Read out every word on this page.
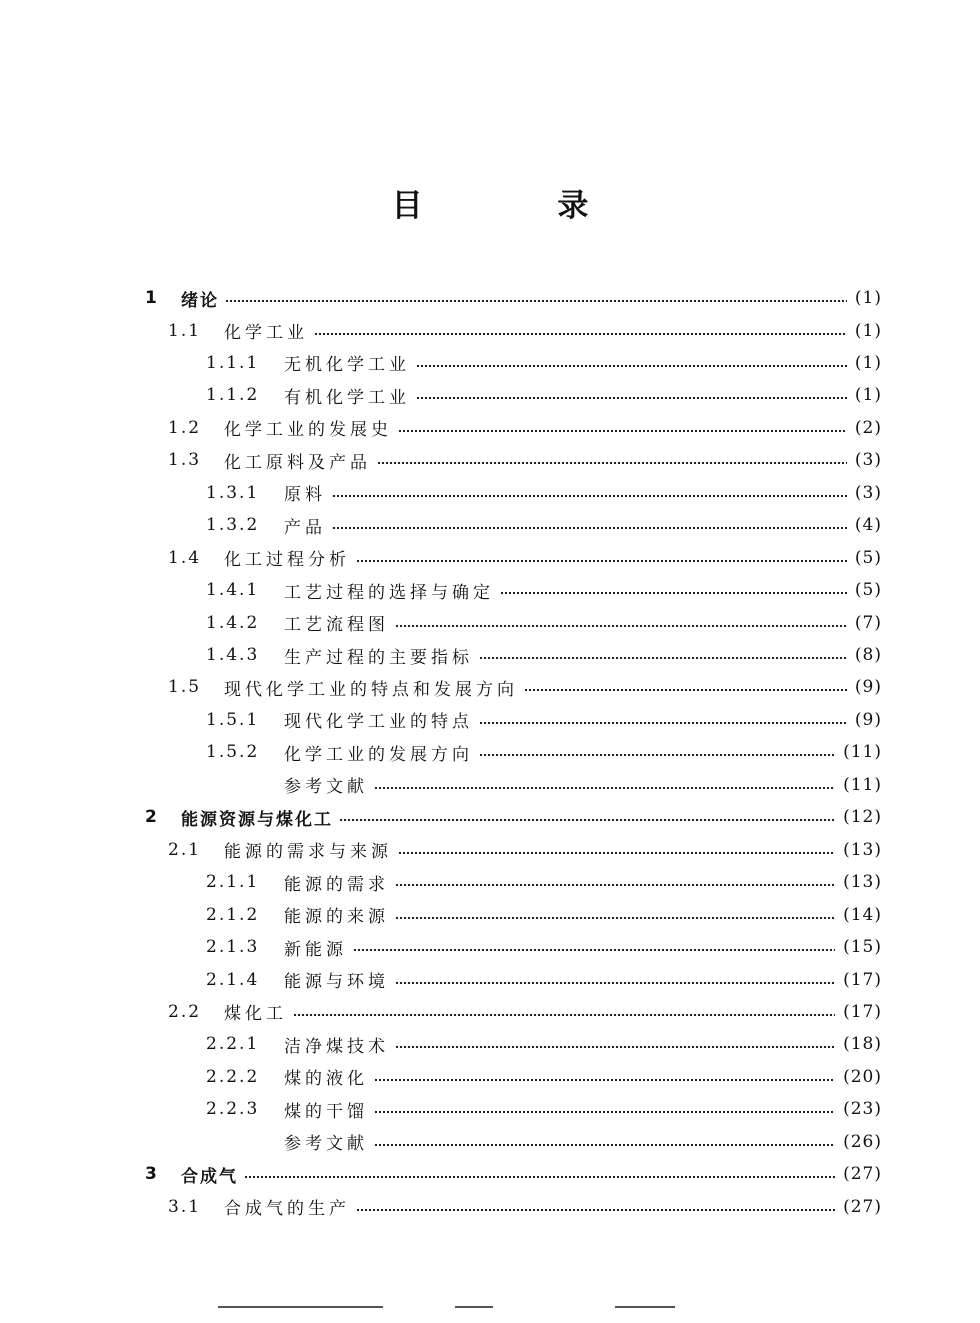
目 录
1	绪论	(1)
1.1	化学工业	(1)
1.1.1	无机化学工业	(1)
1.1.2	有机化学工业	(1)
1.2	化学工业的发展史	(2)
1.3	化工原料及产品	(3)
1.3.1	原料	(3)
1.3.2	产品	(4)
1.4	化工过程分析	(5)
1.4.1	工艺过程的选择与确定	(5)
1.4.2	工艺流程图	(7)
1.4.3	生产过程的主要指标	(8)
1.5	现代化学工业的特点和发展方向	(9)
1.5.1	现代化学工业的特点	(9)
1.5.2	化学工业的发展方向	(11)
参考文献	(11)
2	能源资源与煤化工	(12)
2.1	能源的需求与来源	(13)
2.1.1	能源的需求	(13)
2.1.2	能源的来源	(14)
2.1.3	新能源	(15)
2.1.4	能源与环境	(17)
2.2	煤化工	(17)
2.2.1	洁净煤技术	(18)
2.2.2	煤的液化	(20)
2.2.3	煤的干馏	(23)
参考文献	(26)
3	合成气	(27)
3.1	合成气的生产	(27)
